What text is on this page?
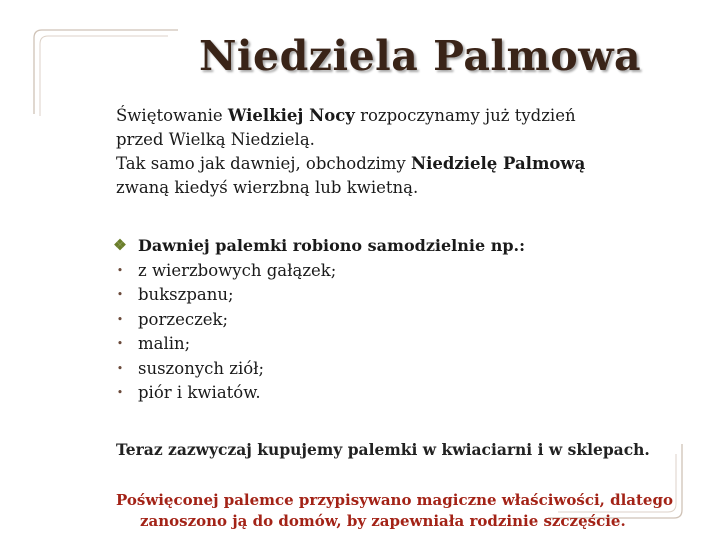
Niedziela Palmowa
Świętowanie Wielkiej Nocy rozpoczynamy już tydzień
przed Wielką Niedzielą.
Tak samo jak dawniej, obchodzimy Niedzielę Palmową
zwaną kiedyś wierzbną lub kwietną.
❖ Dawniej palemki robiono samodzielnie np.:
• z wierzbowych gałązek;
• bukszpanu;
• porzeczek;
• malin;
• suszonych ziół;
• piór i kwiatów.
Teraz zazwyczaj kupujemy palemki w kwiaciarni i w sklepach.
Poświęconej palemce przypisywano magiczne właściwości, dlatego
zanoszono ją do domów, by zapewniała rodzinie szczęście.
